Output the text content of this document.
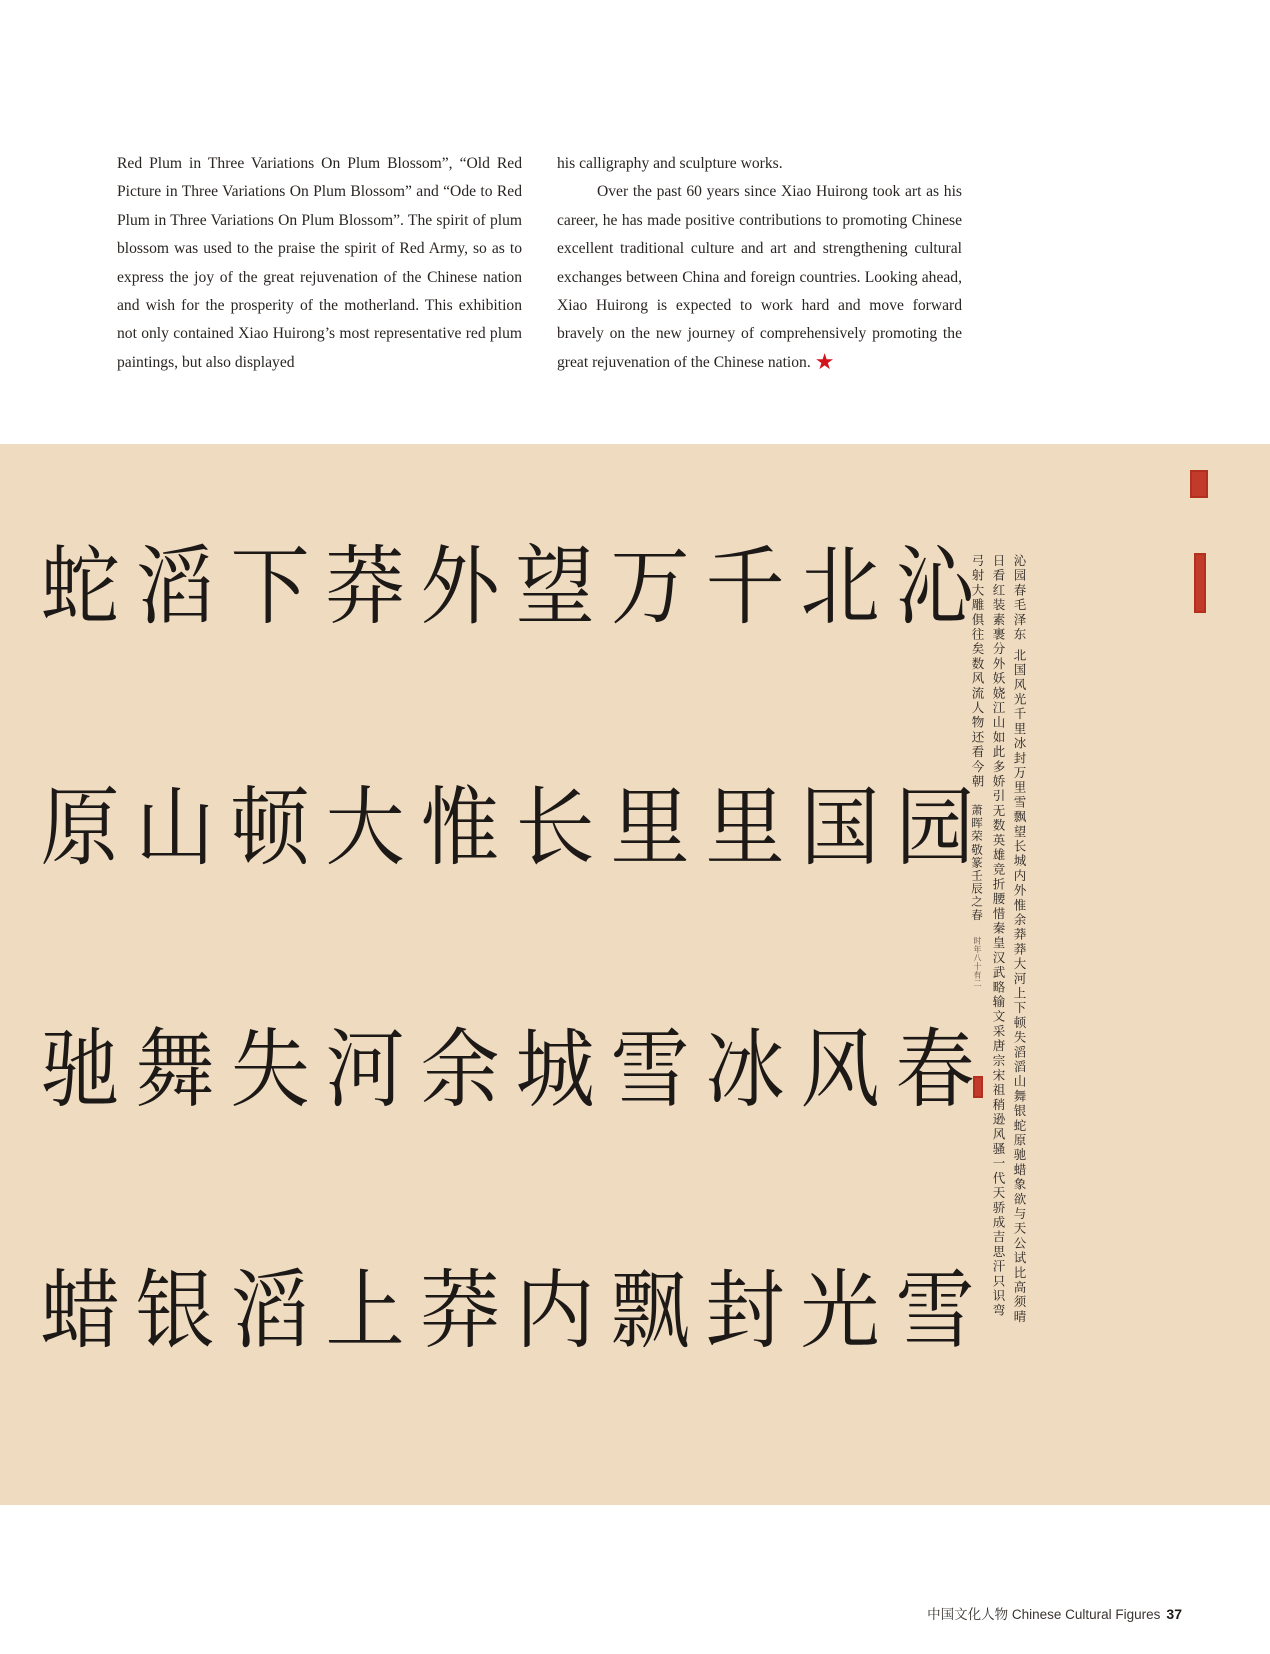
Red Plum in Three Variations On Plum Blossom”, “Old Red Picture in Three Variations On Plum Blossom” and “Ode to Red Plum in Three Variations On Plum Blossom”. The spirit of plum blossom was used to the praise the spirit of Red Army, so as to express the joy of the great rejuvenation of the Chinese nation and wish for the prosperity of the motherland. This exhibition not only contained Xiao Huirong’s most representative red plum paintings, but also displayed

his calligraphy and sculpture works.

Over the past 60 years since Xiao Huirong took art as his career, he has made positive contributions to promoting Chinese excellent traditional culture and art and strengthening cultural exchanges between China and foreign countries. Looking ahead, Xiao Huirong is expected to work hard and move forward bravely on the new journey of comprehensively promoting the great rejuvenation of the Chinese nation. ★

沁园春毛泽东 北国风光千里冰封万里雪飘望长城内外惟余莽莽大河上下顿失滔滔山舞银蛇原驰蜡象欲与天公试比高须晴
日看红装素裹分外妖娆江山如此多娇引无数英雄竞折腰惜秦皇汉武略输文采唐宗宋祖稍逊风骚一代天骄成吉思汗只识弯
弓射大雕俱往矣数风流人物还看今朝　萧晖荣敬篆壬辰之春　时年八十有二
沁
园
春
雪
北
国
风
光
千
里
冰
封
万
里
雪
飘
望
长
城
内
外
惟
余
莽
莽
大
河
上
下
顿
失
滔
滔
山
舞
银
蛇
原
驰
蜡
中国文化人物 Chinese Cultural Figures 37
